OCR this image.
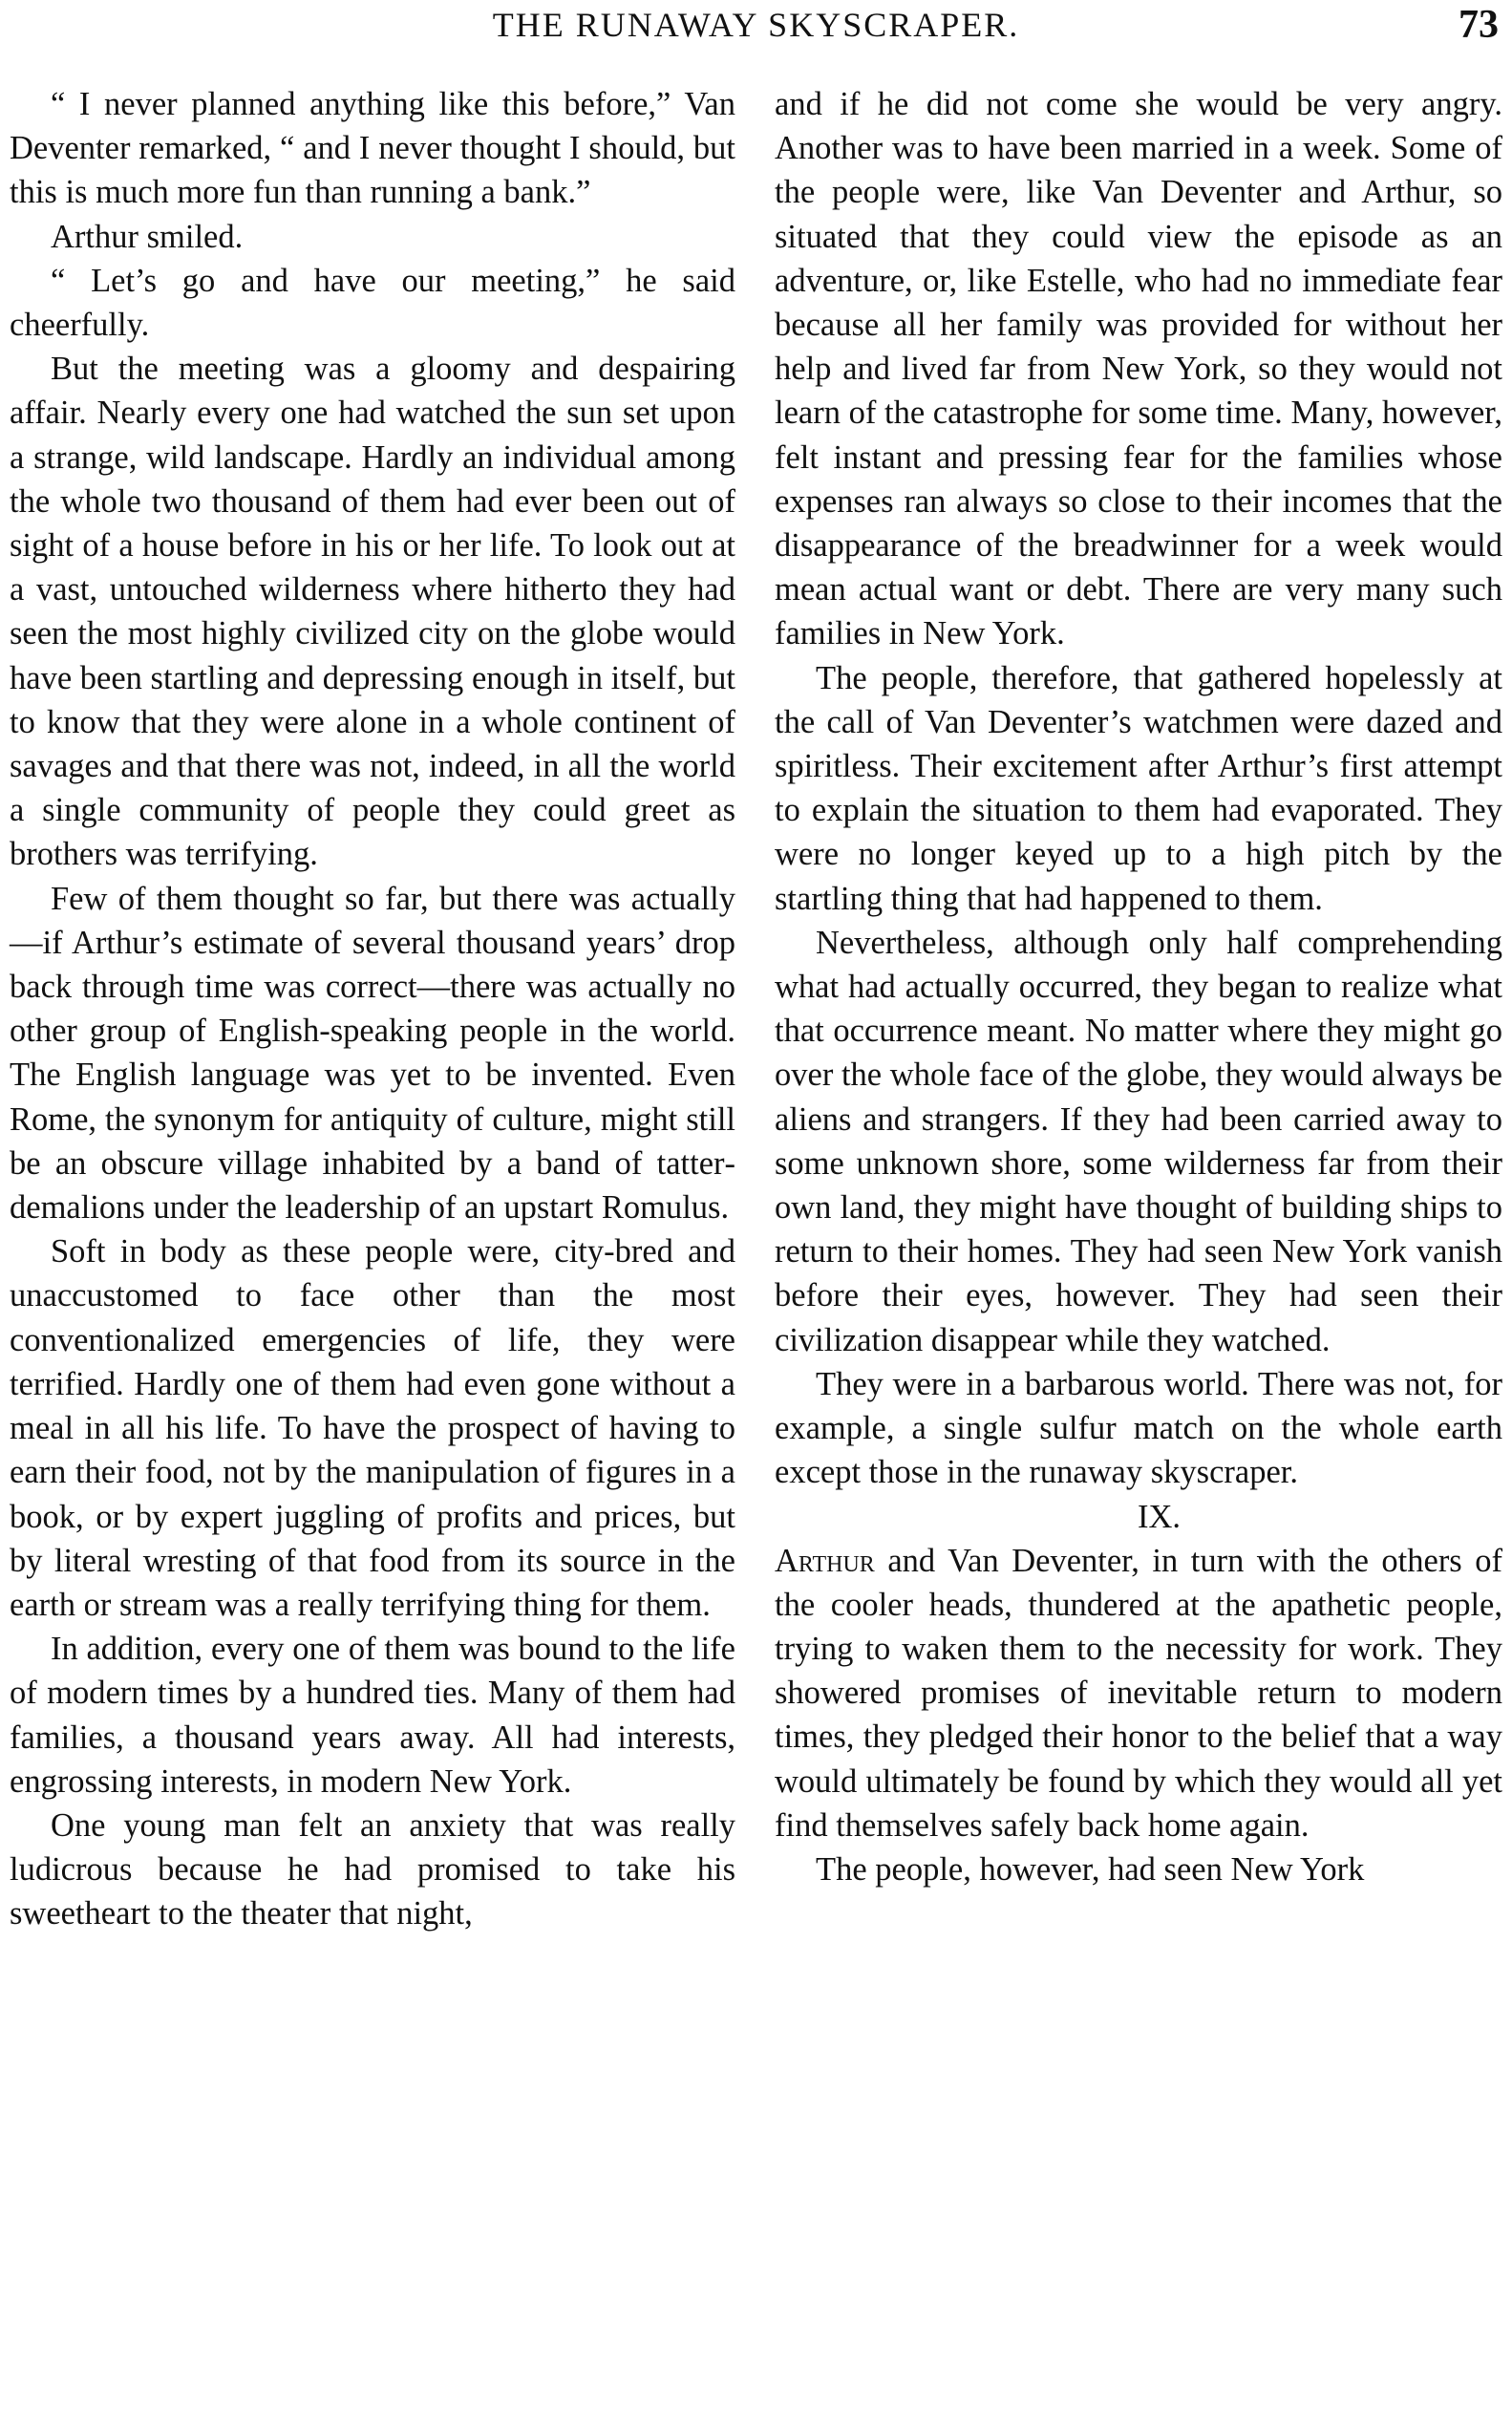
THE RUNAWAY SKYSCRAPER.	73

“ I never planned anything like this before,” Van Deventer remarked, “ and I never thought I should, but this is much more fun than running a bank.”

Arthur smiled.

“ Let’s go and have our meeting,” he said cheerfully.

But the meeting was a gloomy and despairing affair. Nearly every one had watched the sun set upon a strange, wild landscape. Hardly an individual among the whole two thousand of them had ever been out of sight of a house before in his or her life. To look out at a vast, untouched wilderness where hitherto they had seen the most highly civilized city on the globe would have been startling and depressing enough in itself, but to know that they were alone in a whole continent of savages and that there was not, indeed, in all the world a single community of people they could greet as brothers was terrifying.

Few of them thought so far, but there was actually—if Arthur’s estimate of several thousand years’ drop back through time was correct—there was actually no other group of English-speaking people in the world. The English language was yet to be invented. Even Rome, the synonym for antiquity of culture, might still be an obscure village inhabited by a band of tatterdemalions under the leadership of an upstart Romulus.

Soft in body as these people were, city-bred and unaccustomed to face other than the most conventionalized emergencies of life, they were terrified. Hardly one of them had even gone without a meal in all his life. To have the prospect of having to earn their food, not by the manipulation of figures in a book, or by expert juggling of profits and prices, but by literal wresting of that food from its source in the earth or stream was a really terrifying thing for them.

In addition, every one of them was bound to the life of modern times by a hundred ties. Many of them had families, a thousand years away. All had interests, engrossing interests, in modern New York.

One young man felt an anxiety that was really ludicrous because he had promised to take his sweetheart to the theater that night,

and if he did not come she would be very angry. Another was to have been married in a week. Some of the people were, like Van Deventer and Arthur, so situated that they could view the episode as an adventure, or, like Estelle, who had no immediate fear because all her family was provided for without her help and lived far from New York, so they would not learn of the catastrophe for some time. Many, however, felt instant and pressing fear for the families whose expenses ran always so close to their incomes that the disappearance of the breadwinner for a week would mean actual want or debt. There are very many such families in New York.

The people, therefore, that gathered hopelessly at the call of Van Deventer’s watchmen were dazed and spiritless. Their excitement after Arthur’s first attempt to explain the situation to them had evaporated. They were no longer keyed up to a high pitch by the startling thing that had happened to them.

Nevertheless, although only half comprehending what had actually occurred, they began to realize what that occurrence meant. No matter where they might go over the whole face of the globe, they would always be aliens and strangers. If they had been carried away to some unknown shore, some wilderness far from their own land, they might have thought of building ships to return to their homes. They had seen New York vanish before their eyes, however. They had seen their civilization disappear while they watched.

They were in a barbarous world. There was not, for example, a single sulfur match on the whole earth except those in the runaway skyscraper.

IX.

Arthur and Van Deventer, in turn with the others of the cooler heads, thundered at the apathetic people, trying to waken them to the necessity for work. They showered promises of inevitable return to modern times, they pledged their honor to the belief that a way would ultimately be found by which they would all yet find themselves safely back home again.

The people, however, had seen New York
